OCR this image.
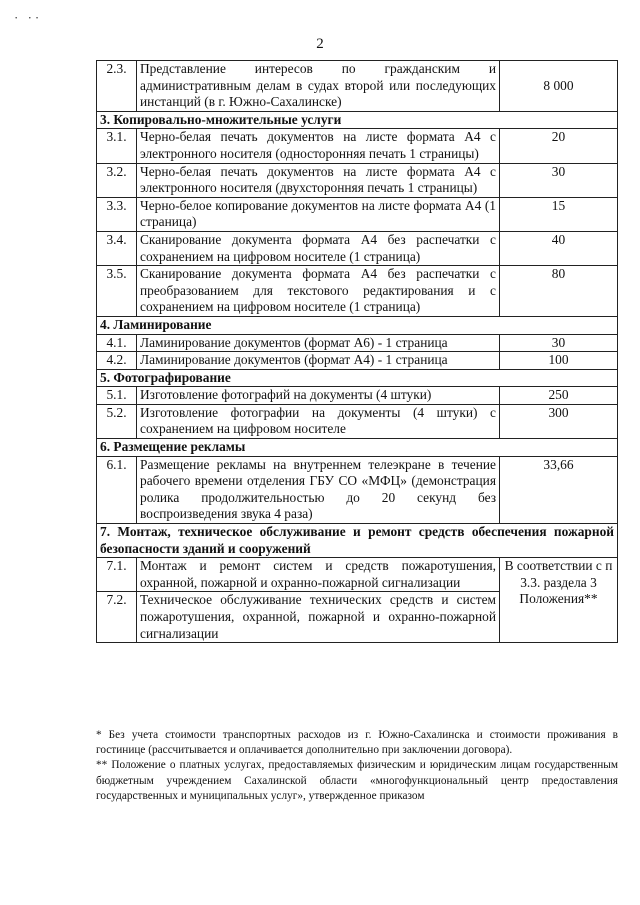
· ··
2
2.3.	Представление интересов по гражданским и административным делам в судах второй или последующих инстанций (в г. Южно-Сахалинске)	8 000
3. Копировально-множительные услуги		
3.1.	Черно-белая печать документов на листе формата А4 с электронного носителя (односторонняя печать 1 страницы)	20
3.2.	Черно-белая печать документов на листе формата А4 с электронного носителя (двухсторонняя печать 1 страницы)	30
3.3.	Черно-белое копирование документов на листе формата А4 (1 страница)	15
3.4.	Сканирование документа формата А4 без распечатки с сохранением на цифровом носителе (1 страница)	40
3.5.	Сканирование документа формата А4 без распечатки с преобразованием для текстового редактирования и с сохранением на цифровом носителе (1 страница)	80
4. Ламинирование		
4.1.	Ламинирование документов (формат А6) - 1 страница	30
4.2.	Ламинирование документов (формат А4) - 1 страница	100
5. Фотографирование		
5.1.	Изготовление фотографий на документы (4 штуки)	250
5.2.	Изготовление фотографии на документы (4 штуки) с сохранением на цифровом носителе	300
6. Размещение рекламы		
6.1.	Размещение рекламы на внутреннем телеэкране в течение рабочего времени отделения ГБУ СО «МФЦ» (демонстрация ролика продолжительностью до 20 секунд без воспроизведения звука 4 раза)	33,66
7. Монтаж, техническое обслуживание и ремонт средств обеспечения пожарной безопасности зданий и сооружений		
7.1.	Монтаж и ремонт систем и средств пожаротушения, охранной, пожарной и охранно-пожарной сигнализации	В соответствии с п 3.3. раздела 3 Положения**
7.2.	Техническое обслуживание технических средств и систем пожаротушения, охранной, пожарной и охранно-пожарной сигнализации	

* Без учета стоимости транспортных расходов из г. Южно-Сахалинска и стоимости проживания в гостинице (рассчитывается и оплачивается дополнительно при заключении договора).

** Положение о платных услугах, предоставляемых физическим и юридическим лицам государственным бюджетным учреждением Сахалинской области «многофункциональный центр предоставления государственных и муниципальных услуг», утвержденное приказом
